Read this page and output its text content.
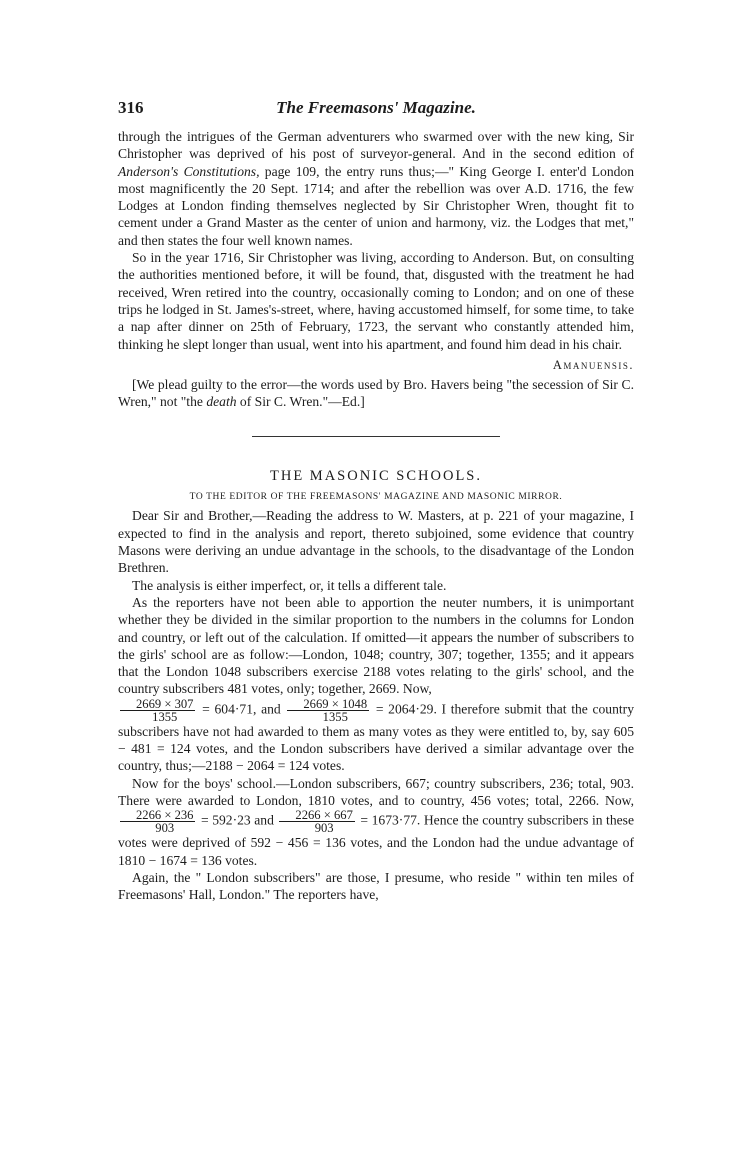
316	The Freemasons' Magazine.

through the intrigues of the German adventurers who swarmed over with the new king, Sir Christopher was deprived of his post of surveyor-general. And in the second edition of Anderson's Constitutions, page 109, the entry runs thus;—" King George I. enter'd London most magnificently the 20 Sept. 1714; and after the rebellion was over A.D. 1716, the few Lodges at London finding themselves neglected by Sir Christopher Wren, thought fit to cement under a Grand Master as the center of union and harmony, viz. the Lodges that met," and then states the four well known names.

So in the year 1716, Sir Christopher was living, according to Anderson. But, on consulting the authorities mentioned before, it will be found, that, disgusted with the treatment he had received, Wren retired into the country, occasionally coming to London; and on one of these trips he lodged in St. James's-street, where, having accustomed himself, for some time, to take a nap after dinner on 25th of February, 1723, the servant who constantly attended him, thinking he slept longer than usual, went into his apartment, and found him dead in his chair.

Amanuensis.

[We plead guilty to the error—the words used by Bro. Havers being "the secession of Sir C. Wren," not "the death of Sir C. Wren."—Ed.]

THE MASONIC SCHOOLS.
TO THE EDITOR OF THE FREEMASONS' MAGAZINE AND MASONIC MIRROR.

Dear Sir and Brother,—Reading the address to W. Masters, at p. 221 of your magazine, I expected to find in the analysis and report, thereto subjoined, some evidence that country Masons were deriving an undue advantage in the schools, to the disadvantage of the London Brethren.

The analysis is either imperfect, or, it tells a different tale.

As the reporters have not been able to apportion the neuter numbers, it is unimportant whether they be divided in the similar proportion to the numbers in the columns for London and country, or left out of the calculation. If omitted—it appears the number of subscribers to the girls' school are as follow:—London, 1048; country, 307; together, 1355; and it appears that the London 1048 subscribers exercise 2188 votes relating to the girls' school, and the country subscribers 481 votes, only; together, 2669. Now,

$\frac{2669 \times 307}{1355} = 604\cdot 71$, and $\frac{2669 \times 1048}{1355} = 2064\cdot 29$. I therefore submit that the country subscribers have not had awarded to them as many votes as they were entitled to, by, say 605 − 481 = 124 votes, and the London subscribers have derived a similar advantage over the country, thus;—2188 − 2064 = 124 votes.

Now for the boys' school.—London subscribers, 667; country subscribers, 236; total, 903. There were awarded to London, 1810 votes, and to country, 456 votes; total, 2266. Now,
$\frac{2266 \times 236}{903} = 592\cdot 23$ and $\frac{2266 \times 667}{903} = 1673\cdot 77$. Hence the country subscribers in these votes were deprived of 592 − 456 = 136 votes, and the London had the undue advantage of 1810 − 1674 = 136 votes.

Again, the " London subscribers" are those, I presume, who reside " within ten miles of Freemasons' Hall, London." The reporters have,
